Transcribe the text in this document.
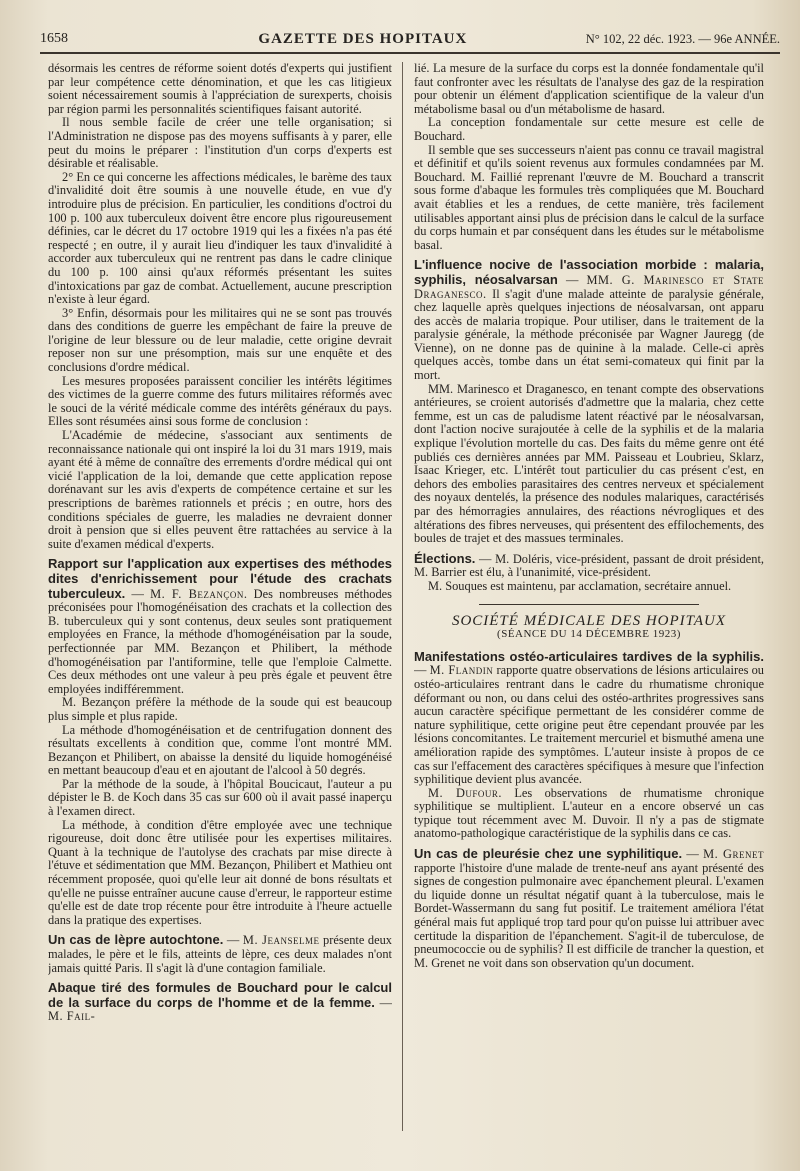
1658	GAZETTE DES HOPITAUX	N° 102, 22 déc. 1923. — 96e ANNÉE.

désormais les centres de réforme soient dotés d'experts qui justifient par leur compétence cette dénomination, et que les cas litigieux soient nécessairement soumis à l'appréciation de surexperts, choisis par région parmi les personnalités scientifiques faisant autorité.

Il nous semble facile de créer une telle organisation; si l'Administration ne dispose pas des moyens suffisants à y parer, elle peut du moins le préparer : l'institution d'un corps d'experts est désirable et réalisable.

2° En ce qui concerne les affections médicales, le barème des taux d'invalidité doit être soumis à une nouvelle étude, en vue d'y introduire plus de précision. En particulier, les conditions d'octroi du 100 p. 100 aux tuberculeux doivent être encore plus rigoureusement définies, car le décret du 17 octobre 1919 qui les a fixées n'a pas été respecté ; en outre, il y aurait lieu d'indiquer les taux d'invalidité à accorder aux tuberculeux qui ne rentrent pas dans le cadre clinique du 100 p. 100 ainsi qu'aux réformés présentant les suites d'intoxications par gaz de combat. Actuellement, aucune prescription n'existe à leur égard.

3° Enfin, désormais pour les militaires qui ne se sont pas trouvés dans des conditions de guerre les empêchant de faire la preuve de l'origine de leur blessure ou de leur maladie, cette origine devrait reposer non sur une présomption, mais sur une enquête et des conclusions d'ordre médical.

Les mesures proposées paraissent concilier les intérêts légitimes des victimes de la guerre comme des futurs militaires réformés avec le souci de la vérité médicale comme des intérêts généraux du pays. Elles sont résumées ainsi sous forme de conclusion :

L'Académie de médecine, s'associant aux sentiments de reconnaissance nationale qui ont inspiré la loi du 31 mars 1919, mais ayant été à même de connaître des errements d'ordre médical qui ont vicié l'application de la loi, demande que cette application repose dorénavant sur les avis d'experts de compétence certaine et sur les prescriptions de barèmes rationnels et précis ; en outre, hors des conditions spéciales de guerre, les maladies ne devraient donner droit à pension que si elles peuvent être rattachées au service à la suite d'examen médical d'experts.

Rapport sur l'application aux expertises des méthodes dites d'enrichissement pour l'étude des crachats tuberculeux. — M. F. Bezançon. Des nombreuses méthodes préconisées pour l'homogénéisation des crachats et la collection des B. tuberculeux qui y sont contenus, deux seules sont pratiquement employées en France, la méthode d'homogénéisation par la soude, perfectionnée par MM. Bezançon et Philibert, la méthode d'homogénéisation par l'antiformine, telle que l'emploie Calmette. Ces deux méthodes ont une valeur à peu près égale et peuvent être employées indifféremment.

M. Bezançon préfère la méthode de la soude qui est beaucoup plus simple et plus rapide.

La méthode d'homogénéisation et de centrifugation donnent des résultats excellents à condition que, comme l'ont montré MM. Bezançon et Philibert, on abaisse la densité du liquide homogénéisé en mettant beaucoup d'eau et en ajoutant de l'alcool à 50 degrés.

Par la méthode de la soude, à l'hôpital Boucicaut, l'auteur a pu dépister le B. de Koch dans 35 cas sur 600 où il avait passé inaperçu à l'examen direct.

La méthode, à condition d'être employée avec une technique rigoureuse, doit donc être utilisée pour les expertises militaires. Quant à la technique de l'autolyse des crachats par mise directe à l'étuve et sédimentation que MM. Bezançon, Philibert et Mathieu ont récemment proposée, quoi qu'elle leur ait donné de bons résultats et qu'elle ne puisse entraîner aucune cause d'erreur, le rapporteur estime qu'elle est de date trop récente pour être introduite à l'heure actuelle dans la pratique des expertises.

Un cas de lèpre autochtone. — M. Jeanselme présente deux malades, le père et le fils, atteints de lèpre, ces deux malades n'ont jamais quitté Paris. Il s'agit là d'une contagion familiale.

Abaque tiré des formules de Bouchard pour le calcul de la surface du corps de l'homme et de la femme. — M. Fail-

lié. La mesure de la surface du corps est la donnée fondamentale qu'il faut confronter avec les résultats de l'analyse des gaz de la respiration pour obtenir un élément d'application scientifique de la valeur d'un métabolisme basal ou d'un métabolisme de hasard.

La conception fondamentale sur cette mesure est celle de Bouchard.

Il semble que ses successeurs n'aient pas connu ce travail magistral et définitif et qu'ils soient revenus aux formules condamnées par M. Bouchard. M. Faillié reprenant l'œuvre de M. Bouchard a transcrit sous forme d'abaque les formules très compliquées que M. Bouchard avait établies et les a rendues, de cette manière, très facilement utilisables apportant ainsi plus de précision dans le calcul de la surface du corps humain et par conséquent dans les études sur le métabolisme basal.

L'influence nocive de l'association morbide : malaria, syphilis, néosalvarsan — MM. G. Marinesco et State Draganesco. Il s'agit d'une malade atteinte de paralysie générale, chez laquelle après quelques injections de néosalvarsan, ont apparu des accès de malaria tropique. Pour utiliser, dans le traitement de la paralysie générale, la méthode préconisée par Wagner Jauregg (de Vienne), on ne donne pas de quinine à la malade. Celle-ci après quelques accès, tombe dans un état semi-comateux qui finit par la mort.

MM. Marinesco et Draganesco, en tenant compte des observations antérieures, se croient autorisés d'admettre que la malaria, chez cette femme, est un cas de paludisme latent réactivé par le néosalvarsan, dont l'action nocive surajoutée à celle de la syphilis et de la malaria explique l'évolution mortelle du cas. Des faits du même genre ont été publiés ces dernières années par MM. Paisseau et Loubrieu, Sklarz, Isaac Krieger, etc. L'intérêt tout particulier du cas présent c'est, en dehors des embolies parasitaires des centres nerveux et spécialement des noyaux dentelés, la présence des nodules malariques, caractérisés par des hémorragies annulaires, des réactions névrogliques et des altérations des fibres nerveuses, qui présentent des effilochements, des boules de trajet et des massues terminales.

Élections. — M. Doléris, vice-président, passant de droit président, M. Barrier est élu, à l'unanimité, vice-président.

M. Souques est maintenu, par acclamation, secrétaire annuel.

SOCIÉTÉ MÉDICALE DES HOPITAUX

(SÉANCE DU 14 DÉCEMBRE 1923)

Manifestations ostéo-articulaires tardives de la syphilis. — M. Flandin rapporte quatre observations de lésions articulaires ou ostéo-articulaires rentrant dans le cadre du rhumatisme chronique déformant ou non, ou dans celui des ostéo-arthrites progressives sans aucun caractère spécifique permettant de les considérer comme de nature syphilitique, cette origine peut être cependant prouvée par les lésions concomitantes. Le traitement mercuriel et bismuthé amena une amélioration rapide des symptômes. L'auteur insiste à propos de ce cas sur l'effacement des caractères spécifiques à mesure que l'infection syphilitique devient plus avancée.

M. Dufour. Les observations de rhumatisme chronique syphilitique se multiplient. L'auteur en a encore observé un cas typique tout récemment avec M. Duvoir. Il n'y a pas de stigmate anatomo-pathologique caractéristique de la syphilis dans ce cas.

Un cas de pleurésie chez une syphilitique. — M. Grenet rapporte l'histoire d'une malade de trente-neuf ans ayant présenté des signes de congestion pulmonaire avec épanchement pleural. L'examen du liquide donne un résultat négatif quant à la tuberculose, mais le Bordet-Wassermann du sang fut positif. Le traitement améliora l'état général mais fut appliqué trop tard pour qu'on puisse lui attribuer avec certitude la disparition de l'épanchement. S'agit-il de tuberculose, de pneumococcie ou de syphilis? Il est difficile de trancher la question, et M. Grenet ne voit dans son observation qu'un document.
